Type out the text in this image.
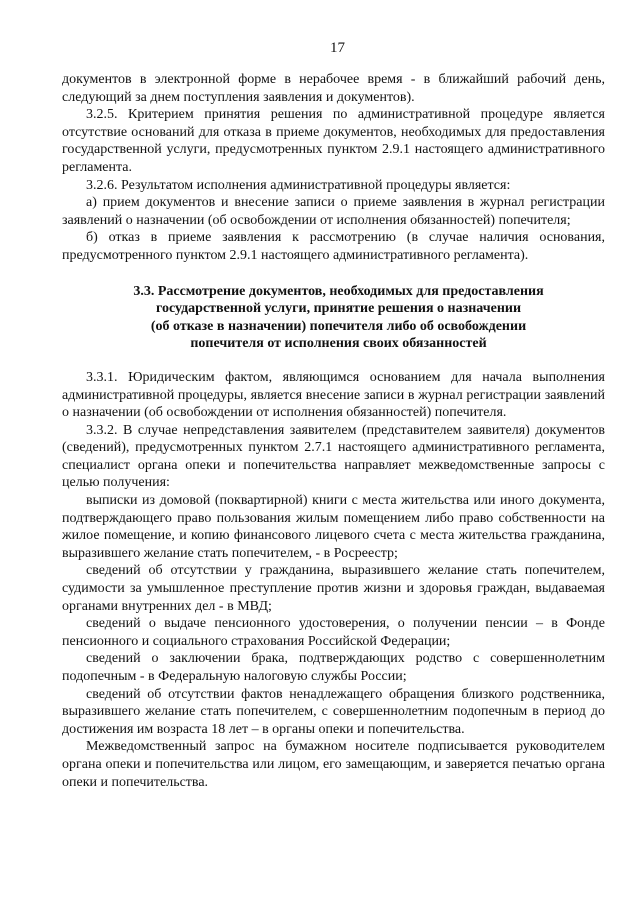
17

документов в электронной форме в нерабочее время - в ближайший рабочий день, следующий за днем поступления заявления и документов).

3.2.5. Критерием принятия решения по административной процедуре является отсутствие оснований для отказа в приеме документов, необходимых для предоставления государственной услуги, предусмотренных пунктом 2.9.1 настоящего административного регламента.

3.2.6. Результатом исполнения административной процедуры является:

а) прием документов и внесение записи о приеме заявления в журнал регистрации заявлений о назначении (об освобождении от исполнения обязанностей) попечителя;

б) отказ в приеме заявления к рассмотрению (в случае наличия основания, предусмотренного пунктом 2.9.1 настоящего административного регламента).

3.3. Рассмотрение документов, необходимых для предоставления
государственной услуги, принятие решения о назначении
(об отказе в назначении) попечителя либо об освобождении
попечителя от исполнения своих обязанностей

3.3.1. Юридическим фактом, являющимся основанием для начала выполнения административной процедуры, является внесение записи в журнал регистрации заявлений о назначении (об освобождении от исполнения обязанностей) попечителя.

3.3.2. В случае непредставления заявителем (представителем заявителя) документов (сведений), предусмотренных пунктом 2.7.1 настоящего административного регламента, специалист органа опеки и попечительства направляет межведомственные запросы с целью получения:

выписки из домовой (поквартирной) книги с места жительства или иного документа, подтверждающего право пользования жилым помещением либо право собственности на жилое помещение, и копию финансового лицевого счета с места жительства гражданина, выразившего желание стать попечителем, - в Росреестр;

сведений об отсутствии у гражданина, выразившего желание стать попечителем, судимости за умышленное преступление против жизни и здоровья граждан, выдаваемая органами внутренних дел - в МВД;

сведений о выдаче пенсионного удостоверения, о получении пенсии – в Фонде пенсионного и социального страхования Российской Федерации;

сведений о заключении брака, подтверждающих родство с совершеннолетним подопечным - в Федеральную налоговую службы России;

сведений об отсутствии фактов ненадлежащего обращения близкого родственника, выразившего желание стать попечителем, с совершеннолетним подопечным в период до достижения им возраста 18 лет – в органы опеки и попечительства.

Межведомственный запрос на бумажном носителе подписывается руководителем органа опеки и попечительства или лицом, его замещающим, и заверяется печатью органа опеки и попечительства.
